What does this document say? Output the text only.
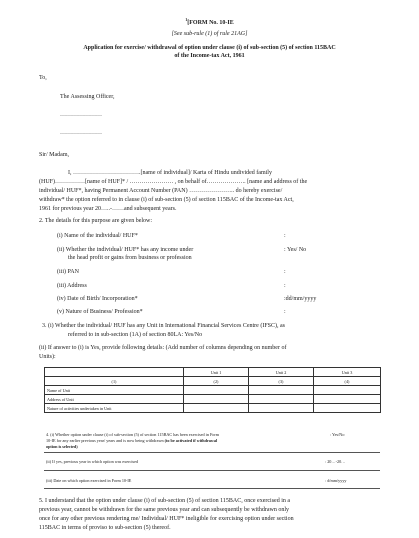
$^1$[FORM No. 10-IE
[See sub-rule (1) of rule 21AG]
Application for exercise/ withdrawal of option under clause (i) of sub-section (5) of section 115BAC
of the Income-tax Act, 1961
To,
The Assessing Officer,
…………………
…………………
Sir/ Madam,
I, …………………………….[name of individual]/ Karta of Hindu undivided family
(HUF)……………[name of HUF]* / …………………. , on behalf of……………….. [name and address of the
individual/ HUF*, having Permanent Account Number (PAN) ………………….. do hereby exercise/
withdraw* the option referred to in clause (i) of sub-section (5) of section 115BAC of the Income-tax Act,
1961 for previous year 20…..-……and subsequent years.
2. The details for this purpose are given below:
(i) Name of the individual/ HUF*	:
(ii) Whether the individual/ HUF* has any income under	: Yes/ No
the head profit or gains from business or profession
(iii) PAN	:
(iii) Address	:
(iv) Date of Birth/ Incorporation*	:dd/mm/yyyy
(v) Nature of Business/ Profession*	:
3. (i) Whether the individual/ HUF has any Unit in International Financial Services Centre (IFSC), as
referred to in sub-section (1A) of section 80LA: Yes/No
(ii) If answer to (i) is Yes, provide following details: (Add number of columns depending on number of
Units):
	Unit 1	Unit 2	Unit 3
(1)	(2)	(3)	(4)
Name of Unit			
Address of Unit			
Nature of activities undertaken in Unit			
4. (i) Whether option under clause (i) of sub-section (5) of section 115BAC has been exercised in Form	: Yes/No
10-IE for any earlier previous year/ years and is now being withdrawn (to be activated if withdrawal
option is selected)
(ii) If yes, previous year in which option was exercised	: 20…-20…
(iii) Date on which option exercised in Form 10-IE	: d/mm/yyyy
5. I understand that the option under clause (i) of sub-section (5) of section 115BAC, once exercised in a
previous year, cannot be withdrawn for the same previous year and can subsequently be withdrawn only
once for any other previous rendering me/ Individual/ HUF* ineligible for exercising option under section
115BAC in terms of proviso to sub-section (5) thereof.
